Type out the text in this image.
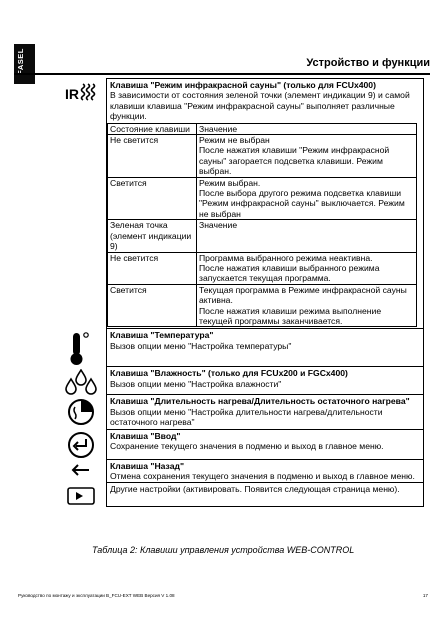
FASEL	Устройство и функции
IR

Клавиша "Режим инфракрасной сауны" (только для FCUx400)
В зависимости от состояния зеленой точки (элемент индикации 9) и самой клавиши клавиша "Режим инфракрасной сауны" выполняет различные функции.
Состояние клавиши	Значение
Не светится	Режим не выбран
После нажатия клавиши "Режим инфракрасной сауны" загорается подсветка клавиши. Режим выбран.
Светится	Режим выбран.
После выбора другого режима подсветка клавиши "Режим инфракрасной сауны" выключается. Режим не выбран
Зеленая точка (элемент индикации 9)	Значение
Не светится	Программа выбранного режима неактивна.
После нажатия клавиши выбранного режима запускается текущая программа.
Светится	Текущая программа в Режиме инфракрасной сауны активна.
После нажатия клавиши режима выполнение текущей программы заканчивается.

Клавиша "Температура"
Вызов опции меню "Настройка температуры"

Клавиша "Влажность" (только для FCUx200 и FGCx400)
Вызов опции меню "Настройка влажности"

Клавиша "Длительность нагрева/Длительность остаточного нагрева"
Вызов опции меню "Настройка длительности нагрева/длительности остаточного нагрева"

Клавиша "Ввод"
Сохранение текущего значения в подменю и выход в главное меню.

Клавиша "Назад"
Отмена сохранения текущего значения в подменю и выход в главное меню.

Другие настройки (активировать. Появится следующая страница меню).
Таблица 2: Клавиши управления устройства WEB-CONTROL
Руководство по монтажу и эксплуатации B_FCU-EXT WEB Версия V 1.08	17
